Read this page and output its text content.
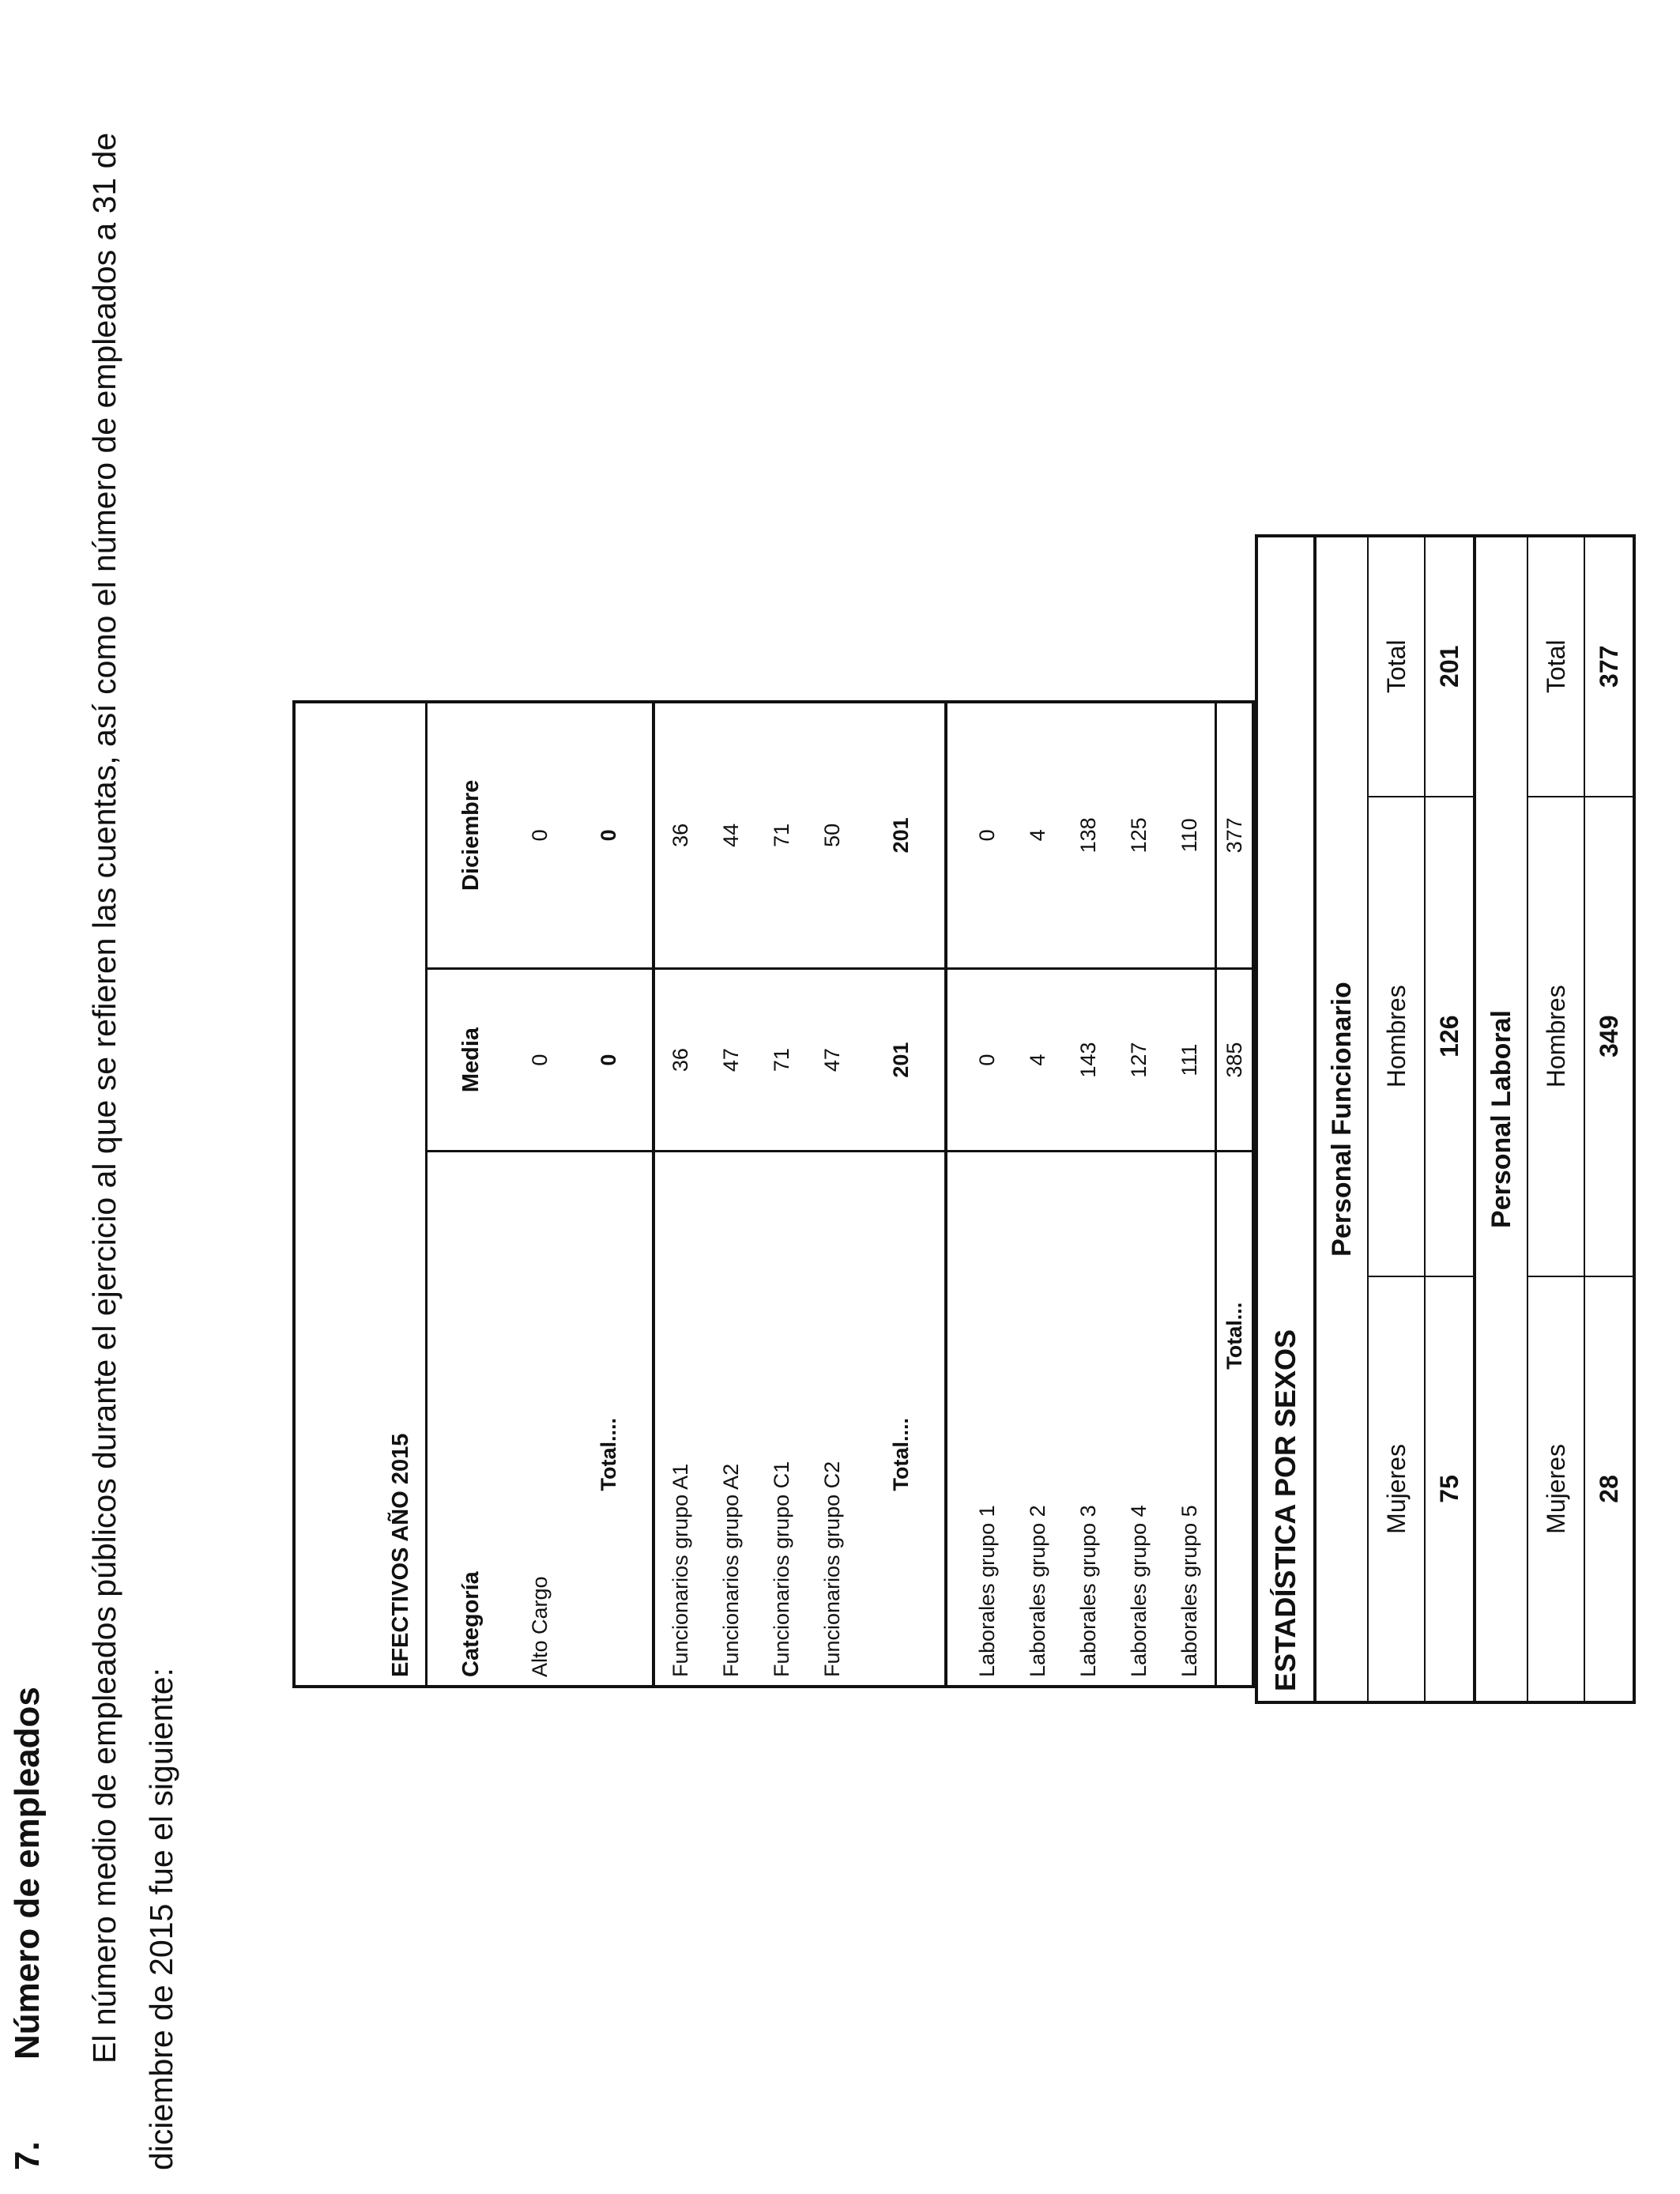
7.
Número de empleados	El número medio de empleados públicos durante el ejercicio al que se refieren las cuentas, así como el número de empleados a 31 de diciembre de 2015 fue el siguiente:

EFECTIVOS AÑO 2015		
Categoría	Media	Diciembre
Alto Cargo	0	0
Total....	0	0
Funcionarios grupo A1	36	36
Funcionarios grupo A2	47	44
Funcionarios grupo C1	71	71
Funcionarios grupo C2	47	50
Total....	201	201

Laborales grupo 1	0	0
Laborales grupo 2	4	4
Laborales grupo 3	143	138
Laborales grupo 4	127	125
Laborales grupo 5	111	110
Total...	385	377
ESTADÍSTICA POR SEXOS		
Personal Funcionario		
Mujeres	Hombres	Total
75	126	201
Personal Laboral		
Mujeres	Hombres	Total
28	349	377
